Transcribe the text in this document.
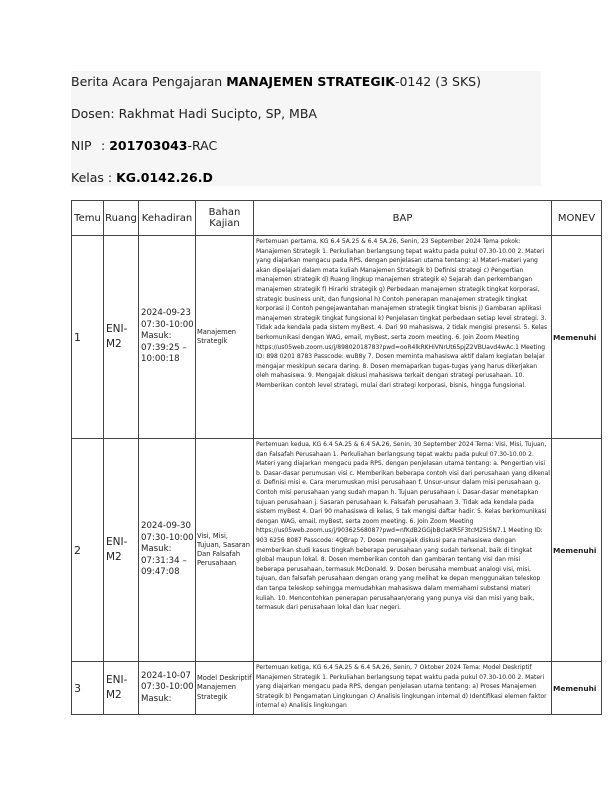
Berita Acara Pengajaran MANAJEMEN STRATEGIK-0142 (3 SKS)
Dosen: Rakhmat Hadi Sucipto, SP, MBA
NIP : 201703043-RAC
Kelas : KG.0142.26.D
Temu	Ruang	Kehadiran	Bahan Kajian	BAP	MONEV
1	ENI-M2	2024-09-23 07:30-10:00 Masuk: 07:39:25 – 10:00:18	Manajemen Strategik	Pertemuan pertama, KG 6.4 5A.25 & 6.4 5A.26, Senin, 23 September 2024 Tema pokok: Manajemen Strategik 1. Perkuliahan berlangsung tepat waktu pada pukul 07.30-10.00 2. Materi yang diajarkan mengacu pada RPS, dengan penjelasan utama tentang: a) Materi-materi yang akan dipelajari dalam mata kuliah Manajemen Strategik b) Definisi strategi c) Pengertian manajemen strategik d) Ruang lingkup manajemen strategik e) Sejarah dan perkembangan manajemen strategik f) Hirarki strategik g) Perbedaan manajemen strategik tingkat korporasi, strategic business unit, dan fungsional h) Contoh penerapan manajemen strategik tingkat korporasi i) Contoh pengejawantahan manajemen strategik tingkat bisnis j) Gambaran aplikasi manajemen strategik tingkat fungsional k) Penjelasan tingkat perbedaan setiap level strategi. 3. Tidak ada kendala pada sistem myBest. 4. Dari 90 mahasiswa, 2 tidak mengisi presensi. 5. Kelas berkomunikasi dengan WAG, email, myBest, serta zoom meeting. 6. Join Zoom Meeting https://us05web.zoom.us/j/89802018783?pwd=ooR4lkRKHiVNrUt65pjZ2VBUavd4wAc.1 Meeting ID: 898 0201 8783 Passcode: wuB8y 7. Dosen meminta mahasiswa aktif dalam kegiatan belajar mengajar meskipun secara daring. 8. Dosen memaparkan tugas-tugas yang harus dikerjakan oleh mahasiswa. 9. Mengajak diskusi mahasiswa terkait dengan strategi perusahaan. 10. Memberikan contoh level strategi, mulai dari strategi korporasi, bisnis, hingga fungsional.	Memenuhi
2	ENI-M2	2024-09-30 07:30-10:00 Masuk: 07:31:34 – 09:47:08	Visi, Misi, Tujuan, Sasaran Dan Falsafah Perusahaan	Pertemuan kedua, KG 6.4 5A.25 & 6.4 5A.26, Senin, 30 September 2024 Tema: Visi, Misi, Tujuan, dan Falsafah Perusahaan 1. Perkuliahan berlangsung tepat waktu pada pukul 07.30-10.00 2. Materi yang diajarkan mengacu pada RPS, dengan penjelasan utama tentang: a. Pengertian visi b. Dasar-dasar perumusan visi c. Memberikan beberapa contoh visi dari perusahaan yang dikenal d. Definisi misi e. Cara merumuskan misi perusahaan f. Unsur-unsur dalam misi perusahaan g. Contoh misi perusahaan yang sudah mapan h. Tujuan perusahaan i. Dasar-dasar menetapkan tujuan perusahaan j. Sasaran perusahaan k. Falsafah perusahaan 3. Tidak ada kendala pada sistem myBest 4. Dari 90 mahasiswa di kelas, 5 tak mengisi daftar hadir. 5. Kelas berkomunikasi dengan WAG, email, myBest, serta zoom meeting. 6. Join Zoom Meeting https://us05web.zoom.us/j/90362568087?pwd=nfKdB2GGjbBclaKR5F3tcM25ISN7.1 Meeting ID: 903 6256 8087 Passcode: 4QBrap 7. Dosen mengajak diskusi para mahasiswa dengan memberikan studi kasus tingkah beberapa perusahaan yang sudah terkenal, baik di tingkat global maupun lokal. 8. Dosen memberikan contoh dan gambaran tentang visi dan misi beberapa perusahaan, termasuk McDonald. 9. Dosen berusaha membuat analogi visi, misi, tujuan, dan falsafah perusahaan dengan orang yang melihat ke depan menggunakan teleskop dan tanpa teleskop sehingga memudahkan mahasiswa dalam memahami substansi materi kuliah. 10. Mencontohkan penerapan perusahaan/orang yang punya visi dan misi yang baik, termasuk dari perusahaan lokal dan luar negeri.	Memenuhi
3	ENI-M2	2024-10-07 07:30-10:00 Masuk:	Model Deskriptif Manajemen Strategik	Pertemuan ketiga, KG 6.4 5A.25 & 6.4 5A.26, Senin, 7 Oktober 2024 Tema: Model Deskriptif Manajemen Strategik 1. Perkuliahan berlangsung tepat waktu pada pukul 07.30-10.00 2. Materi yang diajarkan mengacu pada RPS, dengan penjelasan utama tentang: a) Proses Manajemen Strategik b) Pengamatan Lingkungan c) Analisis lingkungan internal d) Identifikasi elemen faktor internal e) Analisis lingkungan	Memenuhi
